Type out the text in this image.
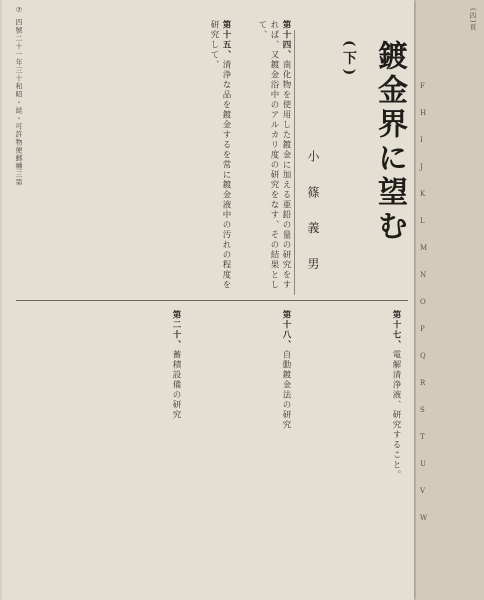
⑦ 四號二十一年三十和昭・誌・可許物便郵種三第	鍍金界に望む(下)
小 篠 義 男
第十四、南化物を使用した鍍金に加える亜鉛の量の研究をすれば、又鍍金浴中のアルカリ度の研究をなす、その結果として、
第十五、清浄な品を鍍金するを常に鍍金液中の汚れの程度を研究して、
第十七、電解清浄液、研究すること。
第十八、自動鍍金法の研究
第二十、蓄積設備の研究
(四)頁
F
H
I
J
K
L
M
N
O
P
Q
R
S
T
U
V
W
